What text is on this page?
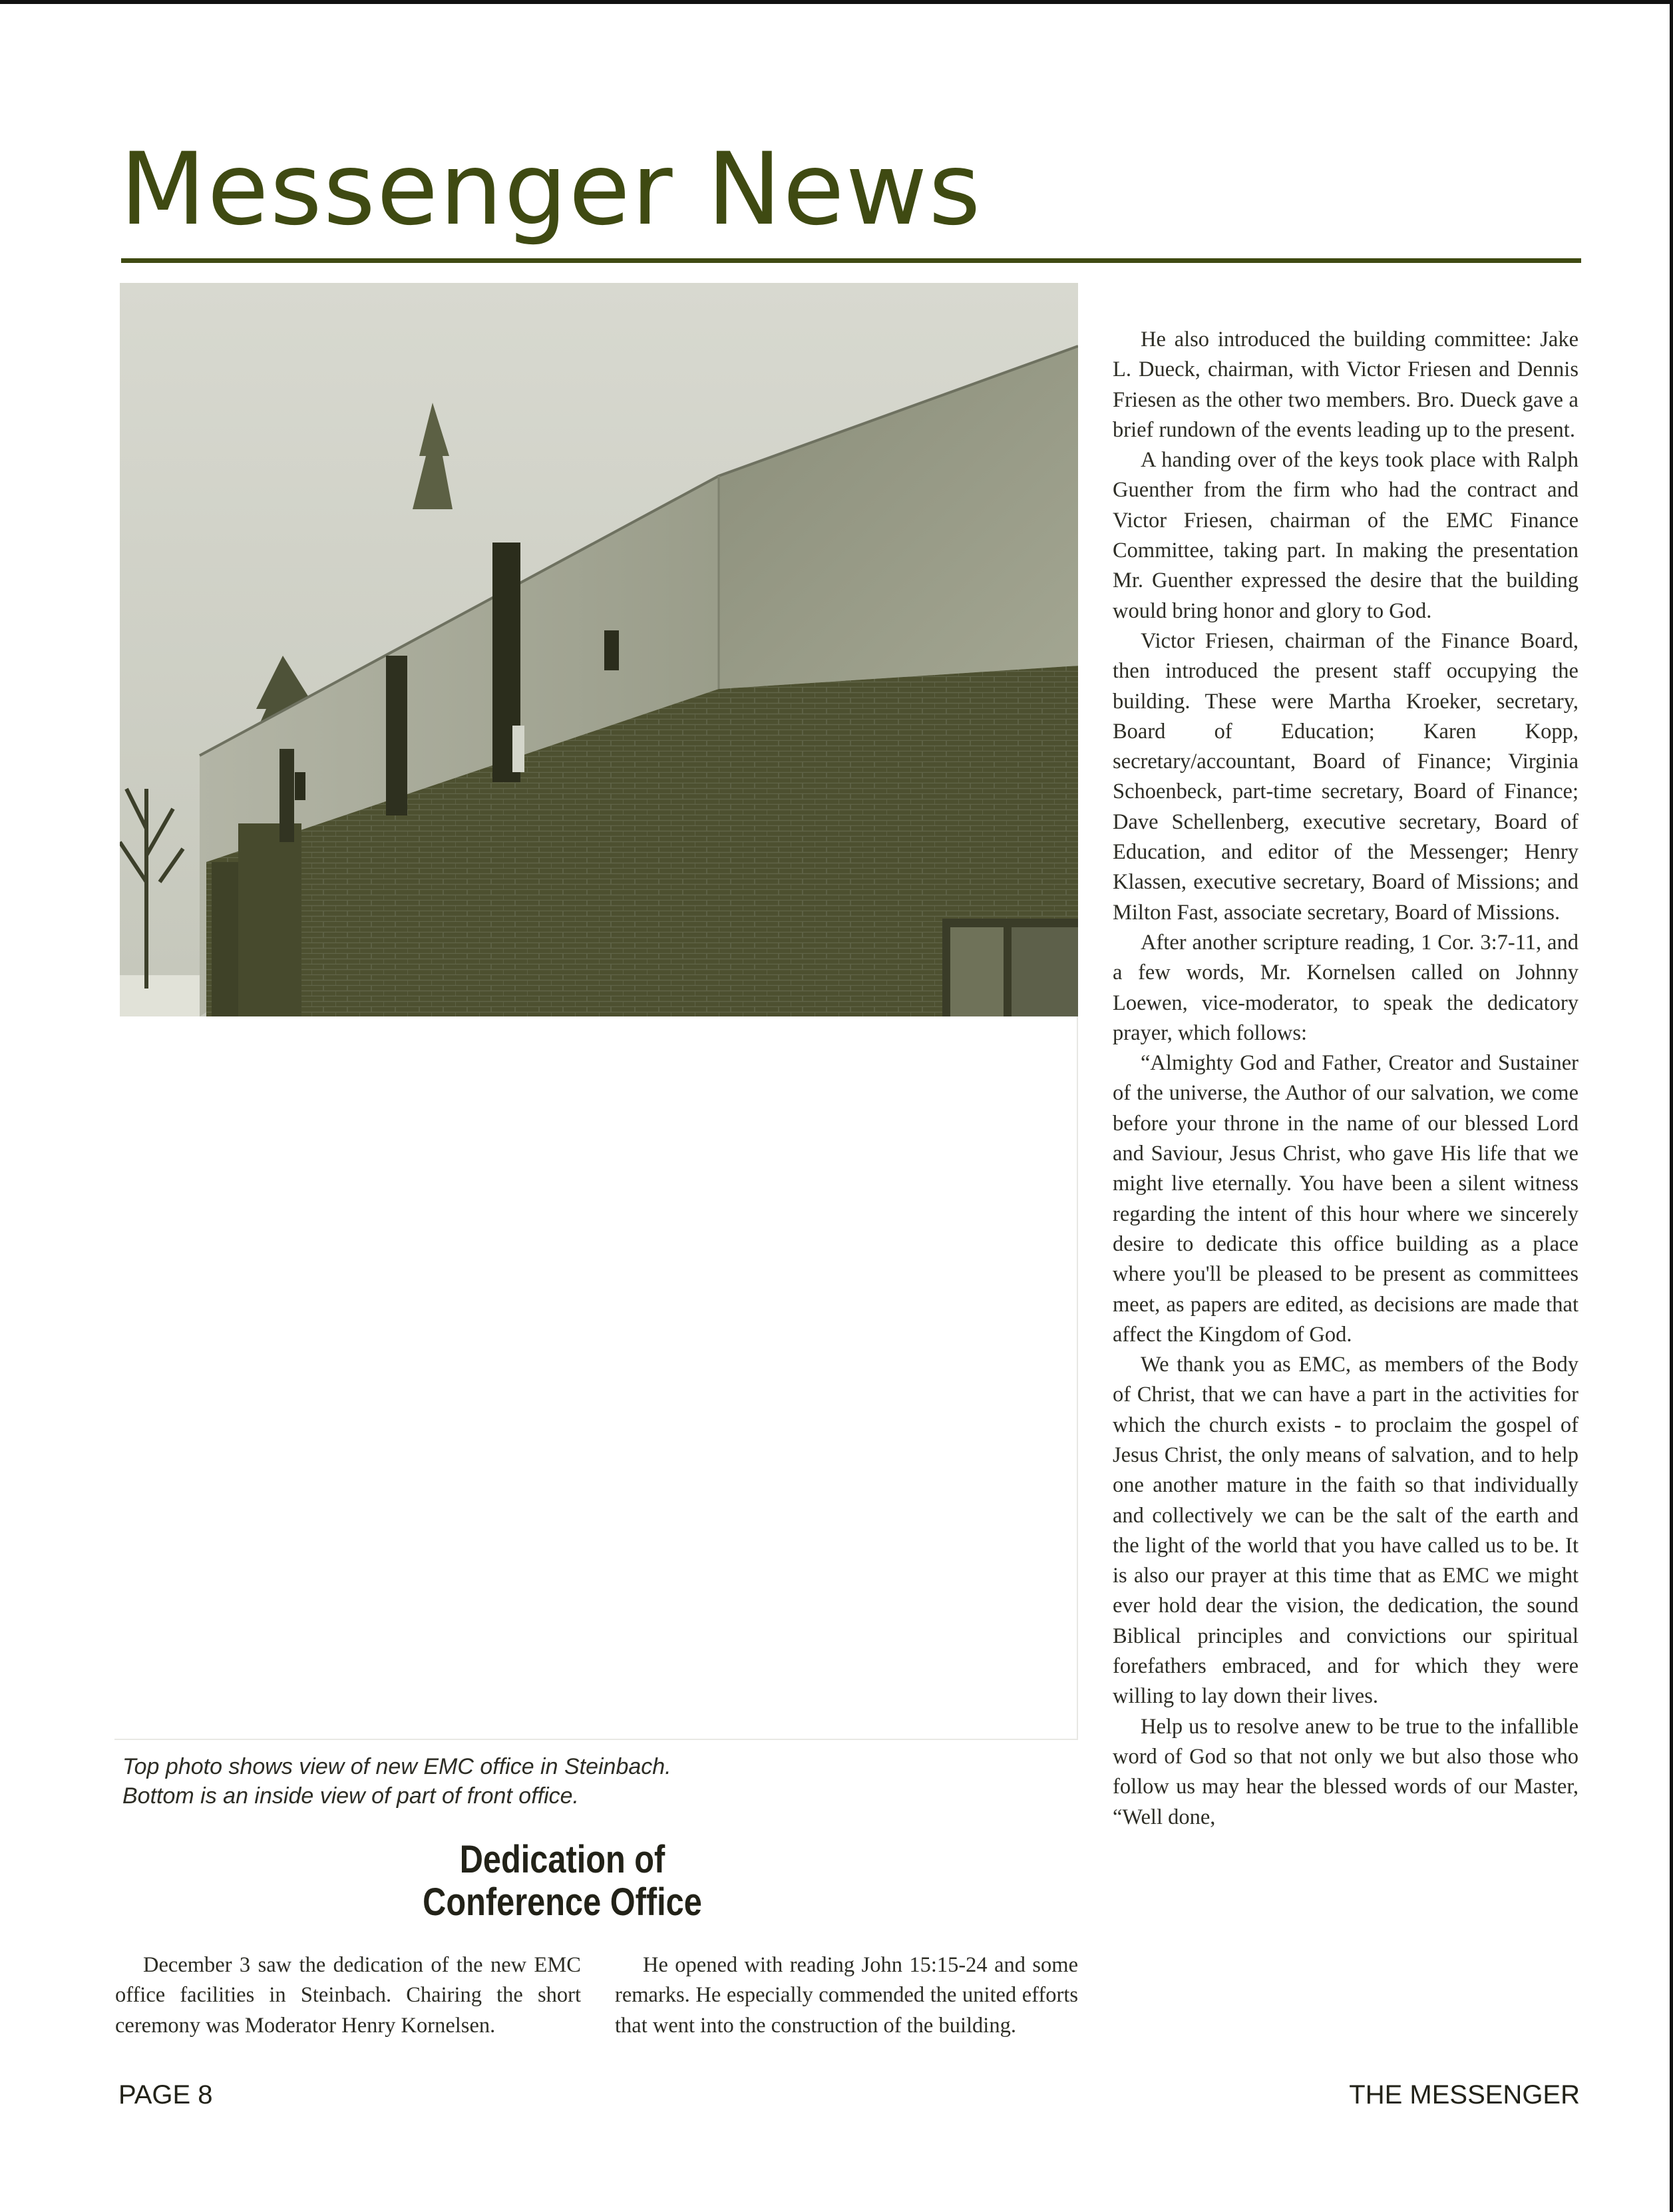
Messenger News

Top photo shows view of new EMC office in Steinbach.

Bottom is an inside view of part of front office.

Dedication of
Conference Office

December 3 saw the dedication of the new EMC office facilities in Steinbach. Chairing the short ceremony was Moderator Henry Kornelsen.

He opened with reading John 15:15-24 and some remarks. He especially commended the united efforts that went into the construction of the building.

He also introduced the building committee: Jake L. Dueck, chairman, with Victor Friesen and Dennis Friesen as the other two members. Bro. Dueck gave a brief rundown of the events leading up to the present.

A handing over of the keys took place with Ralph Guenther from the firm who had the contract and Victor Friesen, chairman of the EMC Finance Committee, taking part. In making the presentation Mr. Guenther expressed the desire that the building would bring honor and glory to God.

Victor Friesen, chairman of the Finance Board, then introduced the present staff occupying the building. These were Martha Kroeker, secretary, Board of Education; Karen Kopp, secretary/accountant, Board of Finance; Virginia Schoenbeck, part-time secretary, Board of Finance; Dave Schellenberg, executive secretary, Board of Education, and editor of the Messenger; Henry Klassen, executive secretary, Board of Missions; and Milton Fast, associate secretary, Board of Missions.

After another scripture reading, 1 Cor. 3:7-11, and a few words, Mr. Kornelsen called on Johnny Loewen, vice-moderator, to speak the dedicatory prayer, which follows:

“Almighty God and Father, Creator and Sustainer of the universe, the Author of our salvation, we come before your throne in the name of our blessed Lord and Saviour, Jesus Christ, who gave His life that we might live eternally. You have been a silent witness regarding the intent of this hour where we sincerely desire to dedicate this office building as a place where you'll be pleased to be present as committees meet, as papers are edited, as decisions are made that affect the Kingdom of God.

We thank you as EMC, as members of the Body of Christ, that we can have a part in the activities for which the church exists - to proclaim the gospel of Jesus Christ, the only means of salvation, and to help one another mature in the faith so that individually and collectively we can be the salt of the earth and the light of the world that you have called us to be. It is also our prayer at this time that as EMC we might ever hold dear the vision, the dedication, the sound Biblical principles and convictions our spiritual forefathers embraced, and for which they were willing to lay down their lives.

Help us to resolve anew to be true to the infallible word of God so that not only we but also those who follow us may hear the blessed words of our Master, “Well done,

PAGE 8	THE MESSENGER
